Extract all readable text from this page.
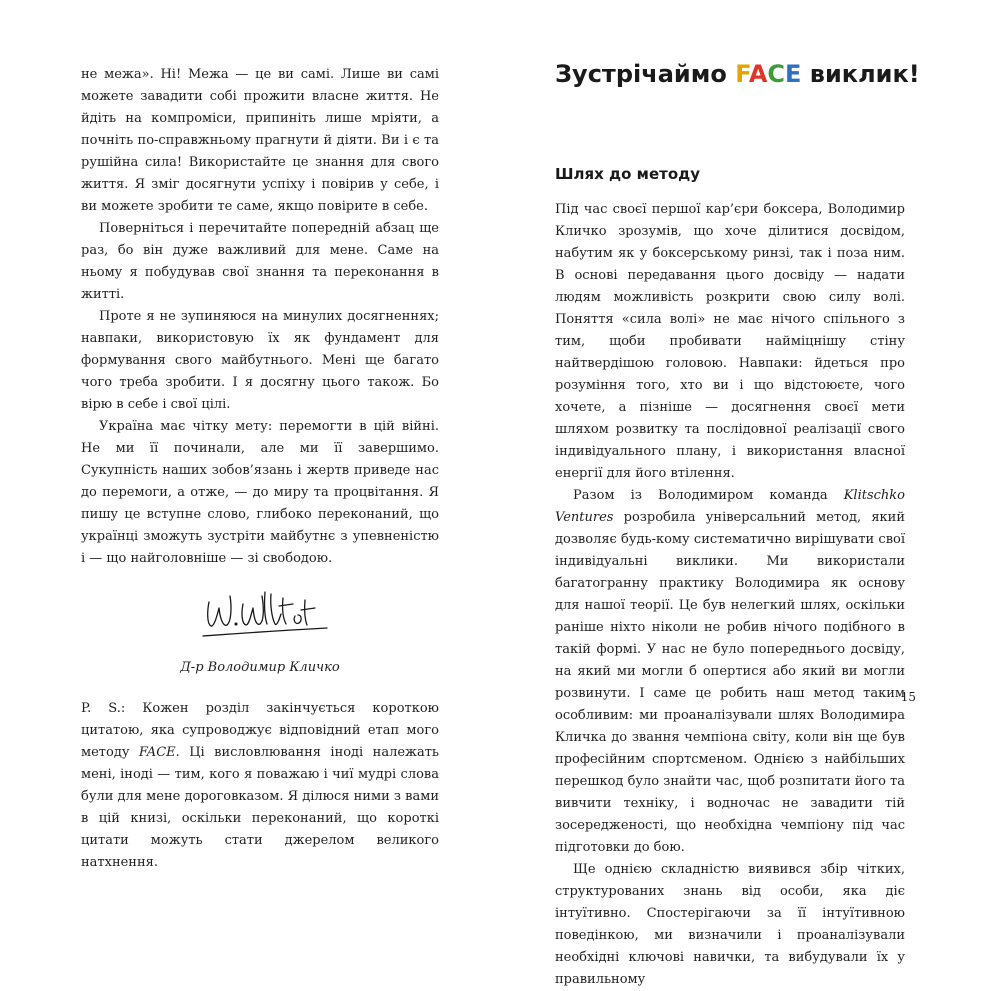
не межа». Ні! Межа — це ви самі. Лише ви самі можете завадити собі прожити власне життя. Не йдіть на компроміси, припиніть лише мріяти, а почніть по-справжньому прагнути й діяти. Ви і є та рушійна сила! Використайте це знання для свого життя. Я зміг досягнути успіху і повірив у себе, і ви можете зробити те саме, якщо повірите в себе.

Поверніться і перечитайте попередній абзац ще раз, бо він дуже важливий для мене. Саме на ньому я побудував свої знання та переконання в житті.

Проте я не зупиняюся на минулих досягненнях; навпаки, використовую їх як фундамент для формування свого майбутнього. Мені ще багато чого треба зробити. І я досягну цього також. Бо вірю в себе і свої цілі.

Україна має чітку мету: перемогти в цій війні. Не ми її починали, але ми її завершимо. Сукупність наших зобов’язань і жертв приведе нас до перемоги, а отже, — до миру та процвітання. Я пишу це вступне слово, глибоко переконаний, що українці зможуть зустріти майбутнє з упевненістю і — що найголовніше — зі свободою.

Д-р Володимир Кличко

P. S.: Кожен розділ закінчується короткою цитатою, яка супроводжує відповідний етап мого методу FACE. Ці висловлювання іноді належать мені, іноді — тим, кого я поважаю і чиї мудрі слова були для мене дороговказом. Я ділюся ними з вами в цій книзі, оскільки переконаний, що короткі цитати можуть стати джерелом великого натхнення.

Зустрічаймо FACE виклик!
Шлях до методу

Під час своєї першої кар’єри боксера, Володимир Кличко зрозумів, що хоче ділитися досвідом, набутим як у боксерському ринзі, так і поза ним. В основі передавання цього досвіду — надати людям можливість розкрити свою силу волі. Поняття «сила волі» не має нічого спільного з тим, щоби пробивати найміцнішу стіну найтвердішою головою. Навпаки: йдеться про розуміння того, хто ви і що відстоюєте, чого хочете, а пізніше — досягнення своєї мети шляхом розвитку та послідовної реалізації свого індивідуального плану, і використання власної енергії для його втілення.

Разом із Володимиром команда Klitschko Ventures розробила універсальний метод, який дозволяє будь-кому систематично вирішувати свої індивідуальні виклики. Ми використали багатогранну практику Володимира як основу для нашої теорії. Це був нелегкий шлях, оскільки раніше ніхто ніколи не робив нічого подібного в такій формі. У нас не було попереднього досвіду, на який ми могли б опертися або який ви могли розвинути. І саме це робить наш метод таким особливим: ми проаналізували шлях Володимира Кличка до звання чемпіона світу, коли він ще був професійним спортсменом. Однією з найбільших перешкод було знайти час, щоб розпитати його та вивчити техніку, і водночас не завадити тій зосередженості, що необхідна чемпіону під час підготовки до бою.

Ще однією складністю виявився збір чітких, структурованих знань від особи, яка діє інтуїтивно. Спостерігаючи за її інтуїтивною поведінкою, ми визначили і проаналізували необхідні ключові навички, та вибудували їх у правильному

15
